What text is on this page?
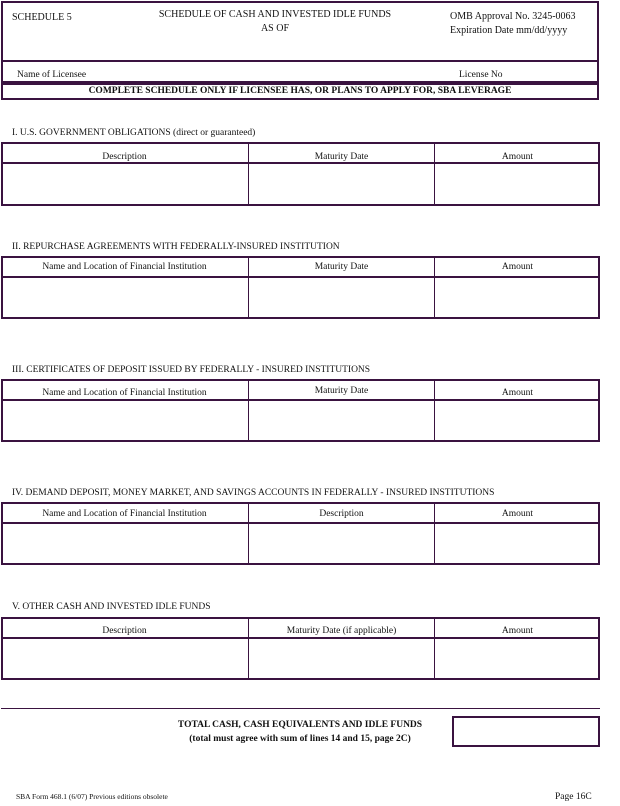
SCHEDULE 5	SCHEDULE OF CASH AND INVESTED IDLE FUNDS
AS OF
OMB Approval No. 3245-0063
Expiration Date mm/dd/yyyy
Name of Licensee	License No
COMPLETE SCHEDULE ONLY IF LICENSEE HAS, OR PLANS TO APPLY FOR, SBA LEVERAGE
I. U.S. GOVERNMENT OBLIGATIONS (direct or guaranteed)
Description	Maturity Date	Amount
II. REPURCHASE AGREEMENTS WITH FEDERALLY-INSURED INSTITUTION
Name and Location of Financial Institution	Maturity Date	Amount
III. CERTIFICATES OF DEPOSIT ISSUED BY FEDERALLY - INSURED INSTITUTIONS
Name and Location of Financial Institution	Maturity Date	Amount
IV. DEMAND DEPOSIT, MONEY MARKET, AND SAVINGS ACCOUNTS IN FEDERALLY - INSURED INSTITUTIONS
Name and Location of Financial Institution	Description	Amount
V. OTHER CASH AND INVESTED IDLE FUNDS
Description	Maturity Date (if applicable)	Amount
TOTAL CASH, CASH EQUIVALENTS AND IDLE FUNDS
(total must agree with sum of lines 14 and 15, page 2C)
SBA Form 468.1 (6/07) Previous editions obsolete	Page 16C
